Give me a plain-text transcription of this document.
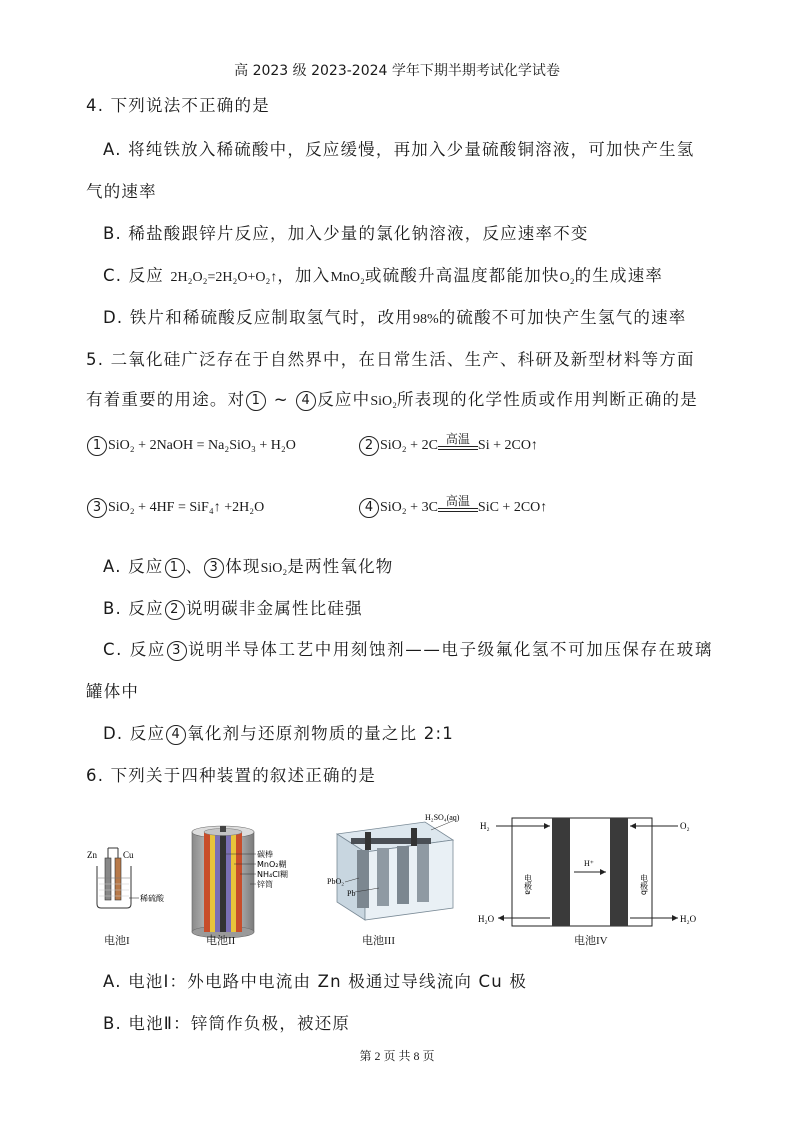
高 2023 级 2023-2024 学年下期半期考试化学试卷
4. 下列说法不正确的是
A. 将纯铁放入稀硫酸中，反应缓慢，再加入少量硫酸铜溶液，可加快产生氢
气的速率
B. 稀盐酸跟锌片反应，加入少量的氯化钠溶液，反应速率不变
C. 反应 2H₂O₂=2H₂O+O₂↑，加入MnO₂或硫酸升高温度都能加快O₂的生成速率
D. 铁片和稀硫酸反应制取氢气时，改用98%的硫酸不可加快产生氢气的速率
5. 二氧化硅广泛存在于自然界中，在日常生活、生产、科研及新型材料等方面
有着重要的用途。对 1 ~ 4 反应中SiO₂所表现的化学性质或作用判断正确的是
1 SiO₂ + 2NaOH = Na₂SiO₃ + H₂O	2 SiO₂ + 2C 高温 Si + 2CO↑
3 SiO₂ + 4HF = SiF₄↑ +2H₂O	4 SiO₂ + 3C 高温 SiC + 2CO↑
A. 反应 1 、 3 体现SiO₂是两性氧化物
B. 反应 2 说明碳非金属性比硅强
C. 反应 3 说明半导体工艺中用刻蚀剂——电子级氟化氢不可加压保存在玻璃
罐体中
D. 反应 4 氧化剂与还原剂物质的量之比 2:1
6. 下列关于四种装置的叙述正确的是
Zn	Cu
稀硫酸
电池I
碳棒
MnO₂糊
NH₄Cl糊
锌筒
电池II
H₂SO₄(aq)
PbO₂
Pb
电池III
H₂	O₂
H₂O	H₂O
H⁺
电极a	电极b
电池IV
A. 电池Ⅰ：外电路中电流由 Zn 极通过导线流向 Cu 极
B. 电池Ⅱ：锌筒作负极，被还原
第 2 页 共 8 页
